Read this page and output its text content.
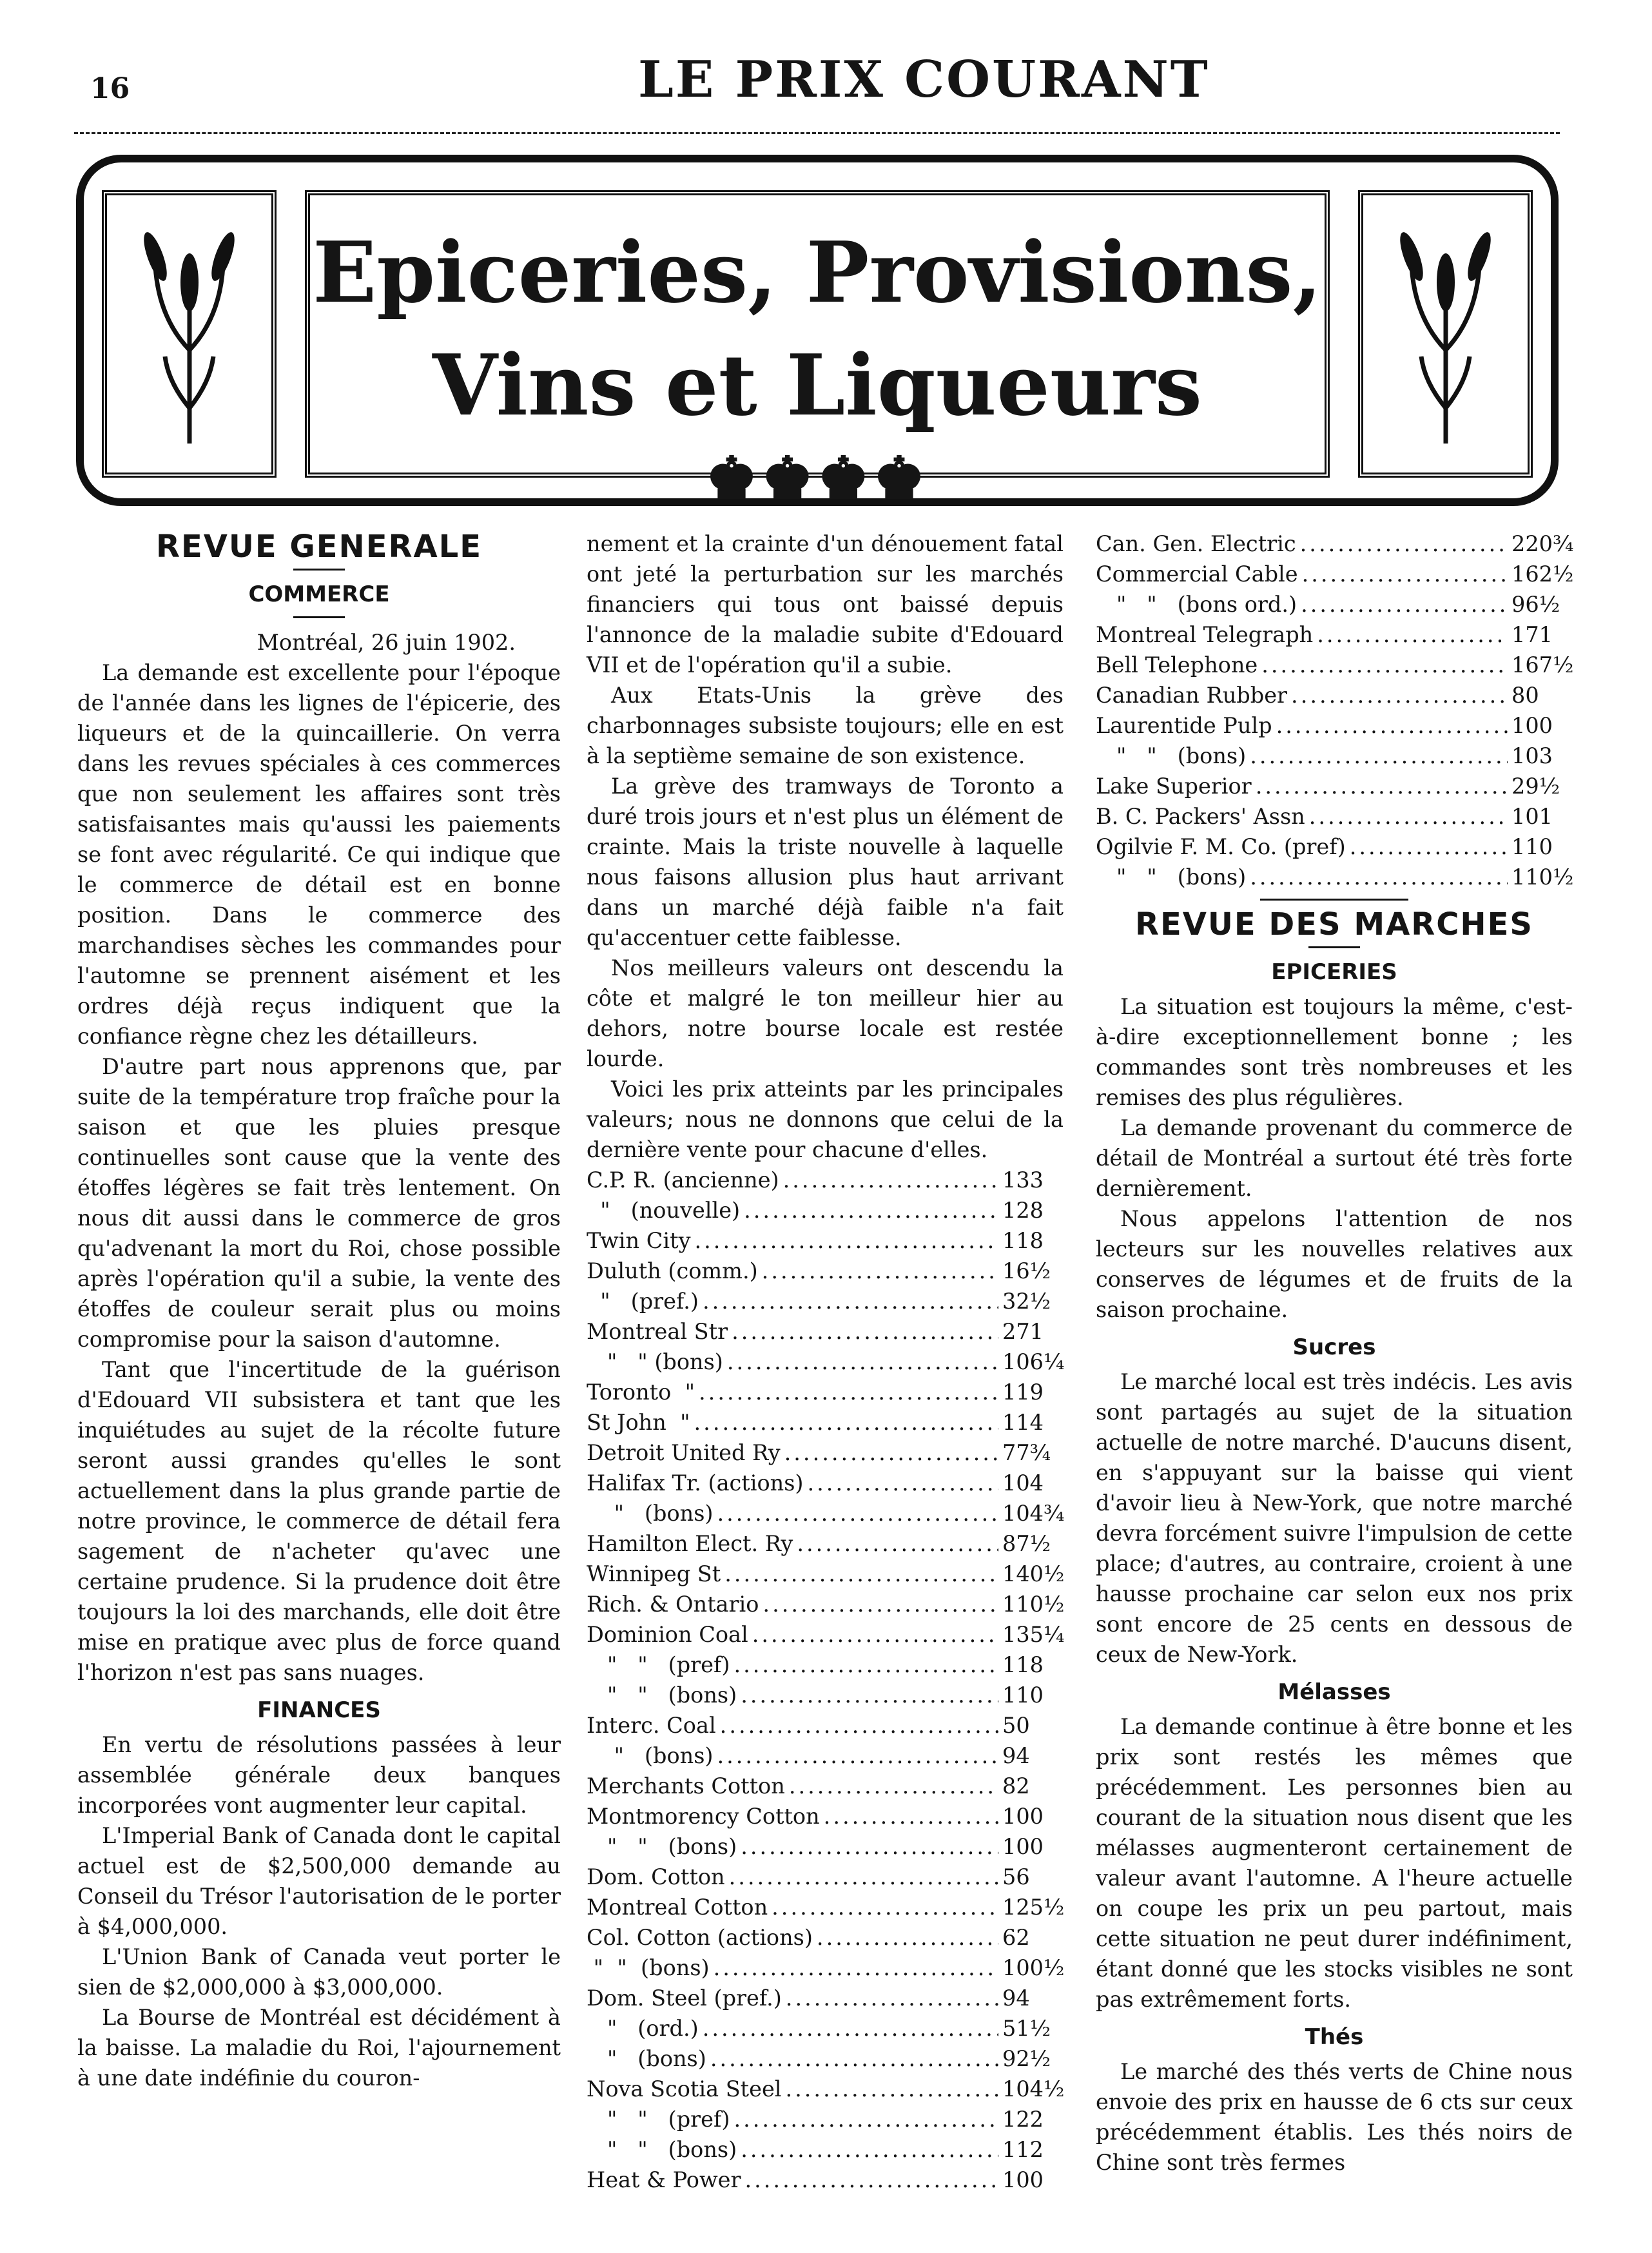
16	LE PRIX COURANT
Epiceries, Provisions,
Vins et Liqueurs ♚♚♚♚
REVUE GENERALE
COMMERCE

Montréal, 26 juin 1902.

La demande est excellente pour l'époque de l'année dans les lignes de l'épicerie, des liqueurs et de la quincaillerie. On verra dans les revues spéciales à ces commerces que non seulement les affaires sont très satisfaisantes mais qu'aussi les paiements se font avec régularité. Ce qui indique que le commerce de détail est en bonne position. Dans le commerce des marchandises sèches les commandes pour l'automne se prennent aisément et les ordres déjà reçus indiquent que la confiance règne chez les détailleurs.

D'autre part nous apprenons que, par suite de la température trop fraîche pour la saison et que les pluies presque continuelles sont cause que la vente des étoffes légères se fait très lentement. On nous dit aussi dans le commerce de gros qu'advenant la mort du Roi, chose possible après l'opération qu'il a subie, la vente des étoffes de couleur serait plus ou moins compromise pour la saison d'automne.

Tant que l'incertitude de la guérison d'Edouard VII subsistera et tant que les inquiétudes au sujet de la récolte future seront aussi grandes qu'elles le sont actuellement dans la plus grande partie de notre province, le commerce de détail fera sagement de n'acheter qu'avec une certaine prudence. Si la prudence doit être toujours la loi des marchands, elle doit être mise en pratique avec plus de force quand l'horizon n'est pas sans nuages.

FINANCES

En vertu de résolutions passées à leur assemblée générale deux banques incorporées vont augmenter leur capital.

L'Imperial Bank of Canada dont le capital actuel est de $2,500,000 demande au Conseil du Trésor l'autorisation de le porter à $4,000,000.

L'Union Bank of Canada veut porter le sien de $2,000,000 à $3,000,000.

La Bourse de Montréal est décidément à la baisse. La maladie du Roi, l'ajournement à une date indéfinie du couron-

nement et la crainte d'un dénouement fatal ont jeté la perturbation sur les marchés financiers qui tous ont baissé depuis l'annonce de la maladie subite d'Edouard VII et de l'opération qu'il a subie.

Aux Etats-Unis la grève des charbonnages subsiste toujours; elle en est à la septième semaine de son existence.

La grève des tramways de Toronto a duré trois jours et n'est plus un élément de crainte. Mais la triste nouvelle à laquelle nous faisons allusion plus haut arrivant dans un marché déjà faible n'a fait qu'accentuer cette faiblesse.

Nos meilleurs valeurs ont descendu la côte et malgré le ton meilleur hier au dehors, notre bourse locale est restée lourde.

Voici les prix atteints par les principales valeurs; nous ne donnons que celui de la dernière vente pour chacune d'elles.

C.P. R. (ancienne) .....	133
"   (nouvelle) .....	128
Twin City .....	118
Duluth (comm.) .....	16½
"   (pref.) .....	32½
Montreal Str .....	271
"   " (bons) .....	106¼
Toronto  " .....	119
St John  " .....	114
Detroit United Ry .....	77¾
Halifax Tr. (actions) .....	104
"   (bons) .....	104¾
Hamilton Elect. Ry .....	87½
Winnipeg St .....	140½
Rich. & Ontario .....	110½
Dominion Coal .....	135¼
"   "   (pref) .....	118
"   "   (bons) .....	110
Interc. Coal .....	50
"   (bons) .....	94
Merchants Cotton .....	82
Montmorency Cotton .....	100
"   "   (bons) .....	100
Dom. Cotton .....	56
Montreal Cotton .....	125½
Col. Cotton (actions) .....	62
"  "  (bons) .....	100½
Dom. Steel (pref.) .....	94
"   (ord.) .....	51½
"   (bons) .....	92½
Nova Scotia Steel .....	104½
"   "   (pref) .....	122
"   "   (bons) .....	112
Heat & Power .....	100
Can. Gen. Electric .....	220¾
Commercial Cable .....	162½
"   "   (bons ord.) .....	96½
Montreal Telegraph .....	171
Bell Telephone .....	167½
Canadian Rubber .....	80
Laurentide Pulp .....	100
"   "   (bons) .....	103
Lake Superior .....	29½
B. C. Packers' Assn .....	101
Ogilvie F. M. Co. (pref) .....	110
"   "   (bons) .....	110½
REVUE DES MARCHES
EPICERIES

La situation est toujours la même, c'est-à-dire exceptionnellement bonne ; les commandes sont très nombreuses et les remises des plus régulières.

La demande provenant du commerce de détail de Montréal a surtout été très forte dernièrement.

Nous appelons l'attention de nos lecteurs sur les nouvelles relatives aux conserves de légumes et de fruits de la saison prochaine.

Sucres

Le marché local est très indécis. Les avis sont partagés au sujet de la situation actuelle de notre marché. D'aucuns disent, en s'appuyant sur la baisse qui vient d'avoir lieu à New-York, que notre marché devra forcément suivre l'impulsion de cette place; d'autres, au contraire, croient à une hausse prochaine car selon eux nos prix sont encore de 25 cents en dessous de ceux de New-York.

Mélasses

La demande continue à être bonne et les prix sont restés les mêmes que précédemment. Les personnes bien au courant de la situation nous disent que les mélasses augmenteront certainement de valeur avant l'automne. A l'heure actuelle on coupe les prix un peu partout, mais cette situation ne peut durer indéfiniment, étant donné que les stocks visibles ne sont pas extrêmement forts.

Thés

Le marché des thés verts de Chine nous envoie des prix en hausse de 6 cts sur ceux précédemment établis. Les thés noirs de Chine sont très fermes
